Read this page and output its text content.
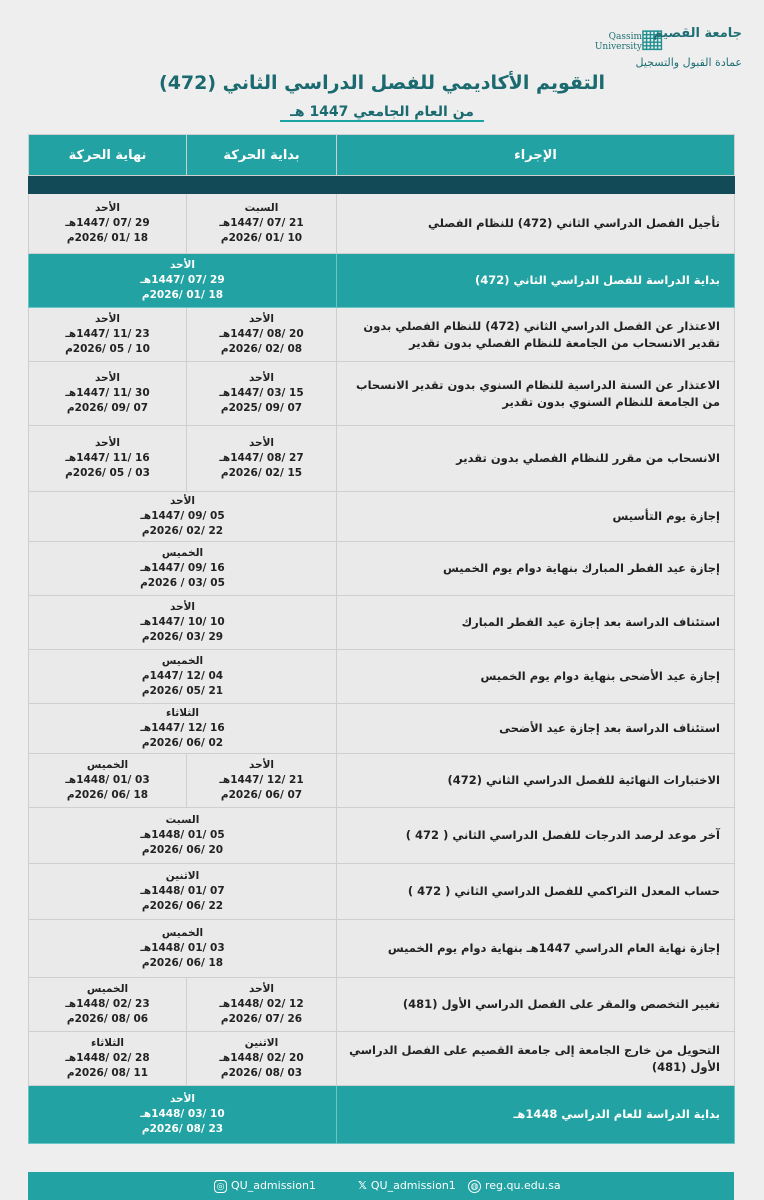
▦
جامعة القصيم
Qassim University
عمادة القبول والتسجيل
التقويم الأكاديمي للفصل الدراسي الثاني (472)
من العام الجامعي 1447 هـ
الإجراء	بداية الحركة	نهاية الحركة

تأجيل الفصل الدراسي الثاني (472) للنظام الفصلي	السبت
21 /07 /1447هـ
10 /01 /2026م	الأحد
29 /07 /1447هـ
18 /01 /2026م

بداية الدراسة للفصل الدراسي الثاني (472)	الأحد
29 /07 /1447هـ
18 /01 /2026م	

الاعتذار عن الفصل الدراسي الثاني (472) للنظام الفصلي بدون تقدير الانسحاب من الجامعة للنظام الفصلي بدون تقدير	الأحد
20 /08 /1447هـ
08 /02 /2026م	الأحد
23 /11 /1447هـ
10 / 05 /2026م

الاعتذار عن السنة الدراسية للنظام السنوي بدون تقدير الانسحاب من الجامعة للنظام السنوي بدون تقدير	الأحد
15 /03 /1447هـ
07 /09 /2025م	الأحد
30 /11 /1447هـ
07 /09 /2026م

الانسحاب من مقرر للنظام الفصلي بدون تقدير	الأحد
27 /08 /1447هـ
15 /02 /2026م	الأحد
16 /11 /1447هـ
03 / 05 /2026م

إجازة يوم التأسيس	الأحد
05 /09 /1447هـ
22 /02 /2026م	

إجازة عيد الفطر المبارك بنهاية دوام يوم الخميس	الخميس
16 /09 /1447هـ
05 /03 / 2026م	

استئناف الدراسة بعد إجازة عيد الفطر المبارك	الأحد
10 /10 /1447هـ
29 /03 /2026م	

إجازة عيد الأضحى بنهاية دوام يوم الخميس	الخميس
04 /12 /1447م
21 /05 /2026م	

استئناف الدراسة بعد إجازة عيد الأضحى	الثلاثاء
16 /12 /1447هـ
02 /06 /2026م	

الاختبارات النهائية للفصل الدراسي الثاني (472)	الأحد
21 /12 /1447هـ
07 /06 /2026م	الخميس
03 /01 /1448هـ
18 /06 /2026م

آخر موعد لرصد الدرجات للفصل الدراسي الثاني ( 472 )	السبت
05 /01 /1448هـ
20 /06 /2026م	

حساب المعدل التراكمي للفصل الدراسي الثاني ( 472 )	الاثنين
07 /01 /1448هـ
22 /06 /2026م	

إجازة نهاية العام الدراسي 1447هـ بنهاية دوام يوم الخميس	الخميس
03 /01 /1448هـ
18 /06 /2026م	

تغيير التخصص والمقر على الفصل الدراسي الأول (481)	الأحد
12 /02 /1448هـ
26 /07 /2026م	الخميس
23 /02 /1448هـ
06 /08 /2026م

التحويل من خارج الجامعة إلى جامعة القصيم على الفصل الدراسي الأول (481)	الاثنين
20 /02 /1448هـ
03 /08 /2026م	الثلاثاء
28 /02 /1448هـ
11 /08 /2026م

بداية الدراسة للعام الدراسي 1448هـ	الأحد
10 /03 /1448هـ
23 /08 /2026م	
◎ QU_admission1	𝕏 QU_admission1 ◍ reg.qu.edu.sa
